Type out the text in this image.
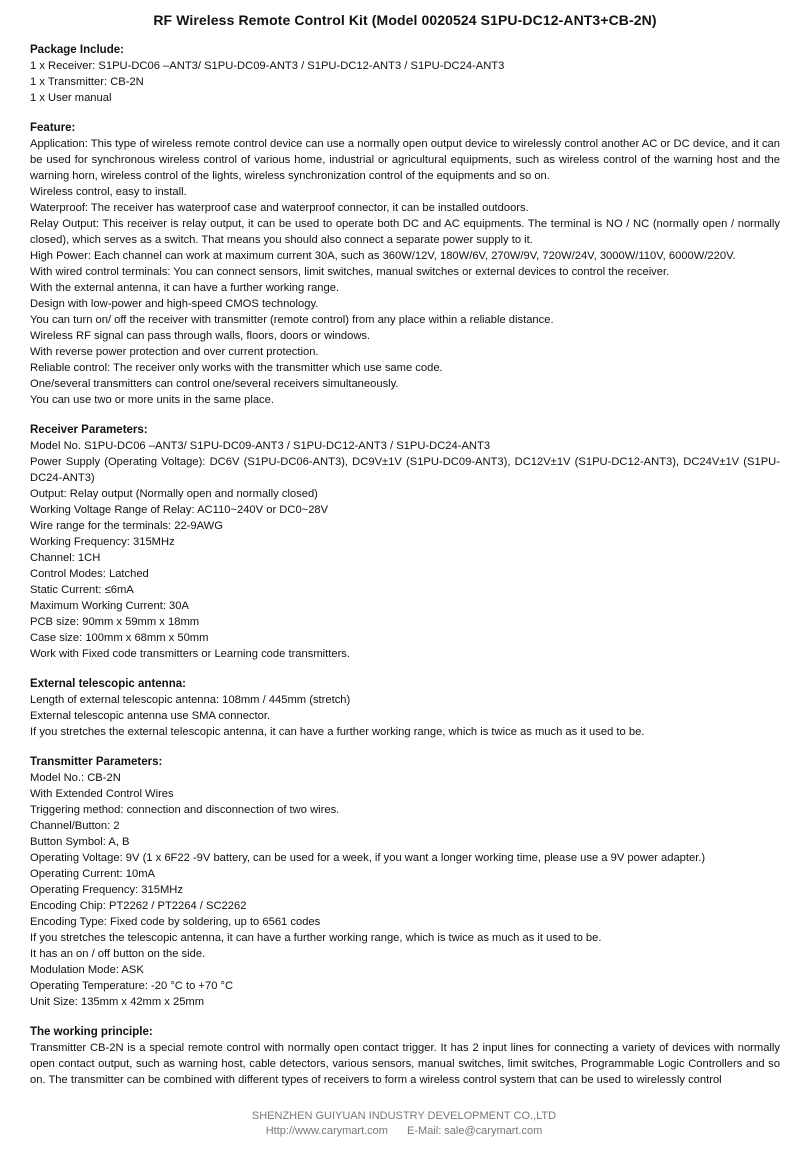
RF Wireless Remote Control Kit (Model 0020524 S1PU-DC12-ANT3+CB-2N)
Package Include:
1 x Receiver: S1PU-DC06 –ANT3/ S1PU-DC09-ANT3 / S1PU-DC12-ANT3 / S1PU-DC24-ANT3
1 x Transmitter: CB-2N
1 x User manual
Feature:
Application: This type of wireless remote control device can use a normally open output device to wirelessly control another AC or DC device, and it can be used for synchronous wireless control of various home, industrial or agricultural equipments, such as wireless control of the warning host and the warning horn, wireless control of the lights, wireless synchronization control of the equipments and so on.
Wireless control, easy to install.
Waterproof: The receiver has waterproof case and waterproof connector, it can be installed outdoors.
Relay Output: This receiver is relay output, it can be used to operate both DC and AC equipments. The terminal is NO / NC (normally open / normally closed), which serves as a switch. That means you should also connect a separate power supply to it.
High Power: Each channel can work at maximum current 30A, such as 360W/12V, 180W/6V, 270W/9V, 720W/24V, 3000W/110V, 6000W/220V.
With wired control terminals: You can connect sensors, limit switches, manual switches or external devices to control the receiver.
With the external antenna, it can have a further working range.
Design with low-power and high-speed CMOS technology.
You can turn on/ off the receiver with transmitter (remote control) from any place within a reliable distance.
Wireless RF signal can pass through walls, floors, doors or windows.
With reverse power protection and over current protection.
Reliable control: The receiver only works with the transmitter which use same code.
One/several transmitters can control one/several receivers simultaneously.
You can use two or more units in the same place.
Receiver Parameters:
Model No. S1PU-DC06 –ANT3/ S1PU-DC09-ANT3 / S1PU-DC12-ANT3 / S1PU-DC24-ANT3
Power Supply (Operating Voltage): DC6V (S1PU-DC06-ANT3), DC9V±1V (S1PU-DC09-ANT3), DC12V±1V (S1PU-DC12-ANT3), DC24V±1V (S1PU-DC24-ANT3)
Output: Relay output (Normally open and normally closed)
Working Voltage Range of Relay: AC110~240V or DC0~28V
Wire range for the terminals: 22-9AWG
Working Frequency: 315MHz
Channel: 1CH
Control Modes: Latched
Static Current: ≤6mA
Maximum Working Current: 30A
PCB size: 90mm x 59mm x 18mm
Case size: 100mm x 68mm x 50mm
Work with Fixed code transmitters or Learning code transmitters.
External telescopic antenna:
Length of external telescopic antenna: 108mm / 445mm (stretch)
External telescopic antenna use SMA connector.
If you stretches the external telescopic antenna, it can have a further working range, which is twice as much as it used to be.
Transmitter Parameters:
Model No.: CB-2N
With Extended Control Wires
Triggering method: connection and disconnection of two wires.
Channel/Button: 2
Button Symbol: A, B
Operating Voltage: 9V (1 x 6F22 -9V battery, can be used for a week, if you want a longer working time, please use a 9V power adapter.)
Operating Current: 10mA
Operating Frequency: 315MHz
Encoding Chip: PT2262 / PT2264 / SC2262
Encoding Type: Fixed code by soldering, up to 6561 codes
If you stretches the telescopic antenna, it can have a further working range, which is twice as much as it used to be.
It has an on / off button on the side.
Modulation Mode: ASK
Operating Temperature: -20 °C to +70 °C
Unit Size: 135mm x 42mm x 25mm
The working principle:
Transmitter CB-2N is a special remote control with normally open contact trigger. It has 2 input lines for connecting a variety of devices with normally open contact output, such as warning host, cable detectors, various sensors, manual switches, limit switches, Programmable Logic Controllers and so on. The transmitter can be combined with different types of receivers to form a wireless control system that can be used to wirelessly control
SHENZHEN GUIYUAN INDUSTRY DEVELOPMENT CO.,LTD
Http://www.carymart.com E-Mail: sale@carymart.com
